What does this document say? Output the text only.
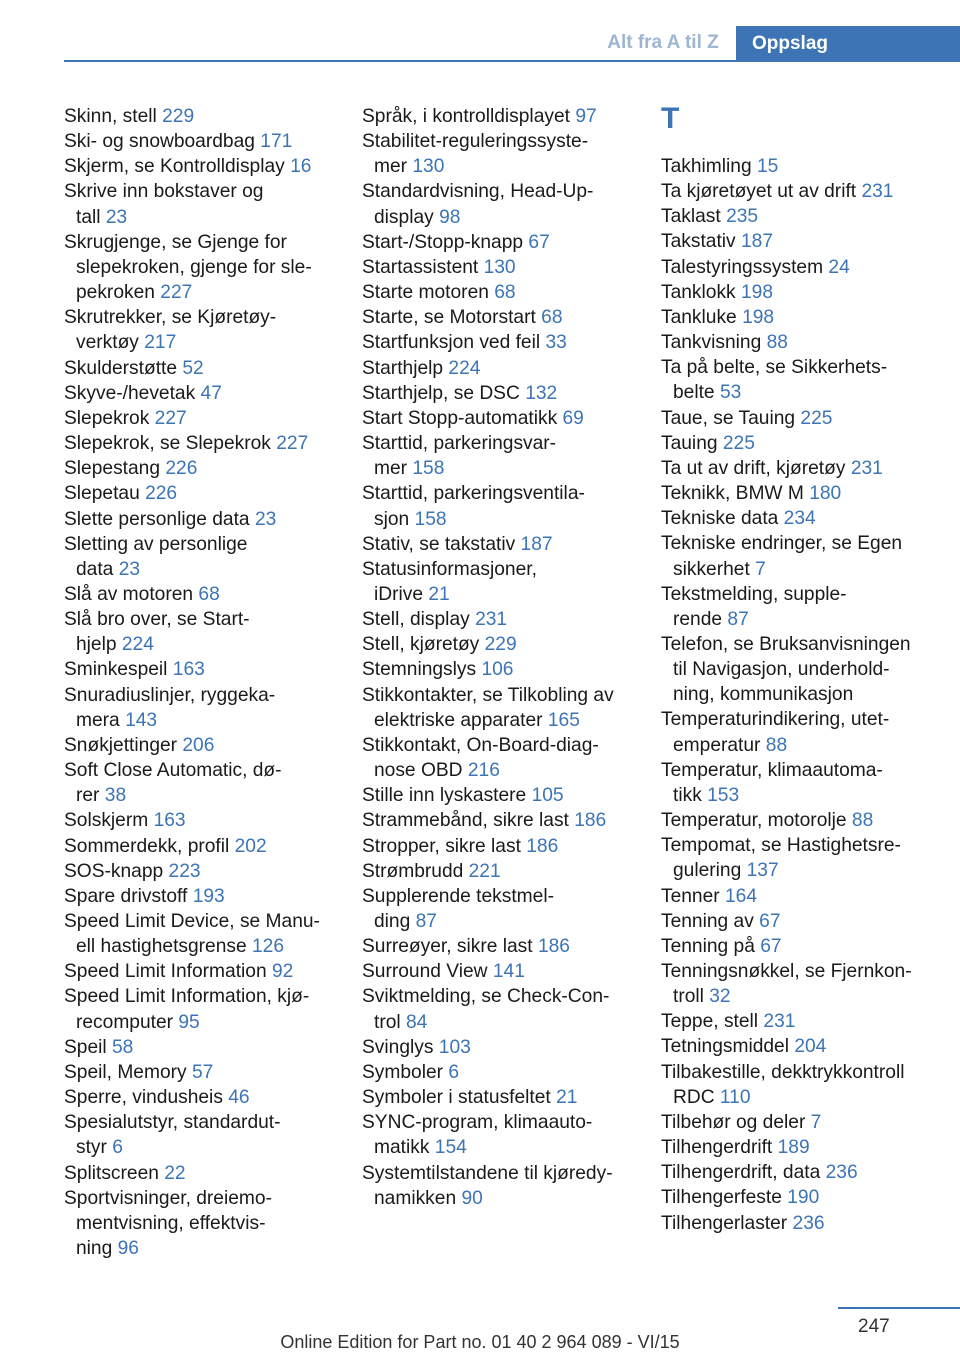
Alt fra A til Z	Oppslag
Skinn, stell 229
Ski- og snowboardbag 171
Skjerm, se Kontrolldisplay 16
Skrive inn bokstaver og
tall 23
Skrugjenge, se Gjenge for
slepekroken, gjenge for sle-
pekroken 227
Skrutrekker, se Kjøretøy-
verktøy 217
Skulderstøtte 52
Skyve-/hevetak 47
Slepekrok 227
Slepekrok, se Slepekrok 227
Slepestang 226
Slepetau 226
Slette personlige data 23
Sletting av personlige
data 23
Slå av motoren 68
Slå bro over, se Start-
hjelp 224
Sminkespeil 163
Snuradiuslinjer, ryggeka-
mera 143
Snøkjettinger 206
Soft Close Automatic, dø-
rer 38
Solskjerm 163
Sommerdekk, profil 202
SOS-knapp 223
Spare drivstoff 193
Speed Limit Device, se Manu-
ell hastighetsgrense 126
Speed Limit Information 92
Speed Limit Information, kjø-
recomputer 95
Speil 58
Speil, Memory 57
Sperre, vindusheis 46
Spesialutstyr, standardut-
styr 6
Splitscreen 22
Sportvisninger, dreiemo-
mentvisning, effektvis-
ning 96
Språk, i kontrolldisplayet 97
Stabilitet-reguleringssyste-
mer 130
Standardvisning, Head-Up-
display 98
Start-/Stopp-knapp 67
Startassistent 130
Starte motoren 68
Starte, se Motorstart 68
Startfunksjon ved feil 33
Starthjelp 224
Starthjelp, se DSC 132
Start Stopp-automatikk 69
Starttid, parkeringsvar-
mer 158
Starttid, parkeringsventila-
sjon 158
Stativ, se takstativ 187
Statusinformasjoner,
iDrive 21
Stell, display 231
Stell, kjøretøy 229
Stemningslys 106
Stikkontakter, se Tilkobling av
elektriske apparater 165
Stikkontakt, On-Board-diag-
nose OBD 216
Stille inn lyskastere 105
Strammebånd, sikre last 186
Stropper, sikre last 186
Strømbrudd 221
Supplerende tekstmel-
ding 87
Surreøyer, sikre last 186
Surround View 141
Sviktmelding, se Check-Con-
trol 84
Svinglys 103
Symboler 6
Symboler i statusfeltet 21
SYNC-program, klimaauto-
matikk 154
Systemtilstandene til kjøredy-
namikken 90
T
Takhimling 15
Ta kjøretøyet ut av drift 231
Taklast 235
Takstativ 187
Talestyringssystem 24
Tanklokk 198
Tankluke 198
Tankvisning 88
Ta på belte, se Sikkerhets-
belte 53
Taue, se Tauing 225
Tauing 225
Ta ut av drift, kjøretøy 231
Teknikk, BMW M 180
Tekniske data 234
Tekniske endringer, se Egen
sikkerhet 7
Tekstmelding, supple-
rende 87
Telefon, se Bruksanvisningen
til Navigasjon, underhold-
ning, kommunikasjon
Temperaturindikering, utet-
emperatur 88
Temperatur, klimaautoma-
tikk 153
Temperatur, motorolje 88
Tempomat, se Hastighetsre-
gulering 137
Tenner 164
Tenning av 67
Tenning på 67
Tenningsnøkkel, se Fjernkon-
troll 32
Teppe, stell 231
Tetningsmiddel 204
Tilbakestille, dekktrykkontroll
RDC 110
Tilbehør og deler 7
Tilhengerdrift 189
Tilhengerdrift, data 236
Tilhengerfeste 190
Tilhengerlaster 236
247
Online Edition for Part no. 01 40 2 964 089 - VI/15
